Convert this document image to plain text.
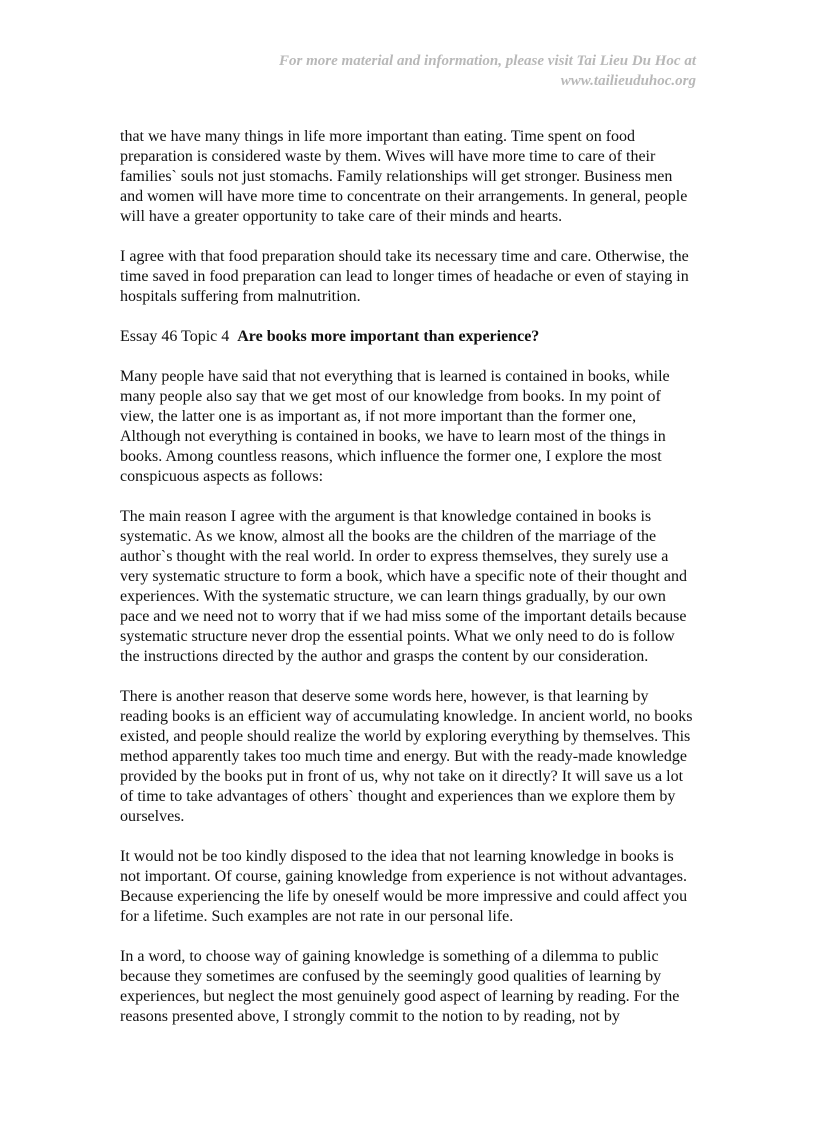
For more material and information, please visit Tai Lieu Du Hoc at
www.tailieuduhoc.org

that we have many things in life more important than eating. Time spent on food
preparation is considered waste by them. Wives will have more time to care of their
families` souls not just stomachs. Family relationships will get stronger. Business men
and women will have more time to concentrate on their arrangements. In general, people
will have a greater opportunity to take care of their minds and hearts.

I agree with that food preparation should take its necessary time and care. Otherwise, the
time saved in food preparation can lead to longer times of headache or even of staying in
hospitals suffering from malnutrition.

Essay 46 Topic 4 Are books more important than experience?

Many people have said that not everything that is learned is contained in books, while
many people also say that we get most of our knowledge from books. In my point of
view, the latter one is as important as, if not more important than the former one,
Although not everything is contained in books, we have to learn most of the things in
books. Among countless reasons, which influence the former one, I explore the most
conspicuous aspects as follows:

The main reason I agree with the argument is that knowledge contained in books is
systematic. As we know, almost all the books are the children of the marriage of the
author`s thought with the real world. In order to express themselves, they surely use a
very systematic structure to form a book, which have a specific note of their thought and
experiences. With the systematic structure, we can learn things gradually, by our own
pace and we need not to worry that if we had miss some of the important details because
systematic structure never drop the essential points. What we only need to do is follow
the instructions directed by the author and grasps the content by our consideration.

There is another reason that deserve some words here, however, is that learning by
reading books is an efficient way of accumulating knowledge. In ancient world, no books
existed, and people should realize the world by exploring everything by themselves. This
method apparently takes too much time and energy. But with the ready-made knowledge
provided by the books put in front of us, why not take on it directly? It will save us a lot
of time to take advantages of others` thought and experiences than we explore them by
ourselves.

It would not be too kindly disposed to the idea that not learning knowledge in books is
not important. Of course, gaining knowledge from experience is not without advantages.
Because experiencing the life by oneself would be more impressive and could affect you
for a lifetime. Such examples are not rate in our personal life.

In a word, to choose way of gaining knowledge is something of a dilemma to public
because they sometimes are confused by the seemingly good qualities of learning by
experiences, but neglect the most genuinely good aspect of learning by reading. For the
reasons presented above, I strongly commit to the notion to by reading, not by
